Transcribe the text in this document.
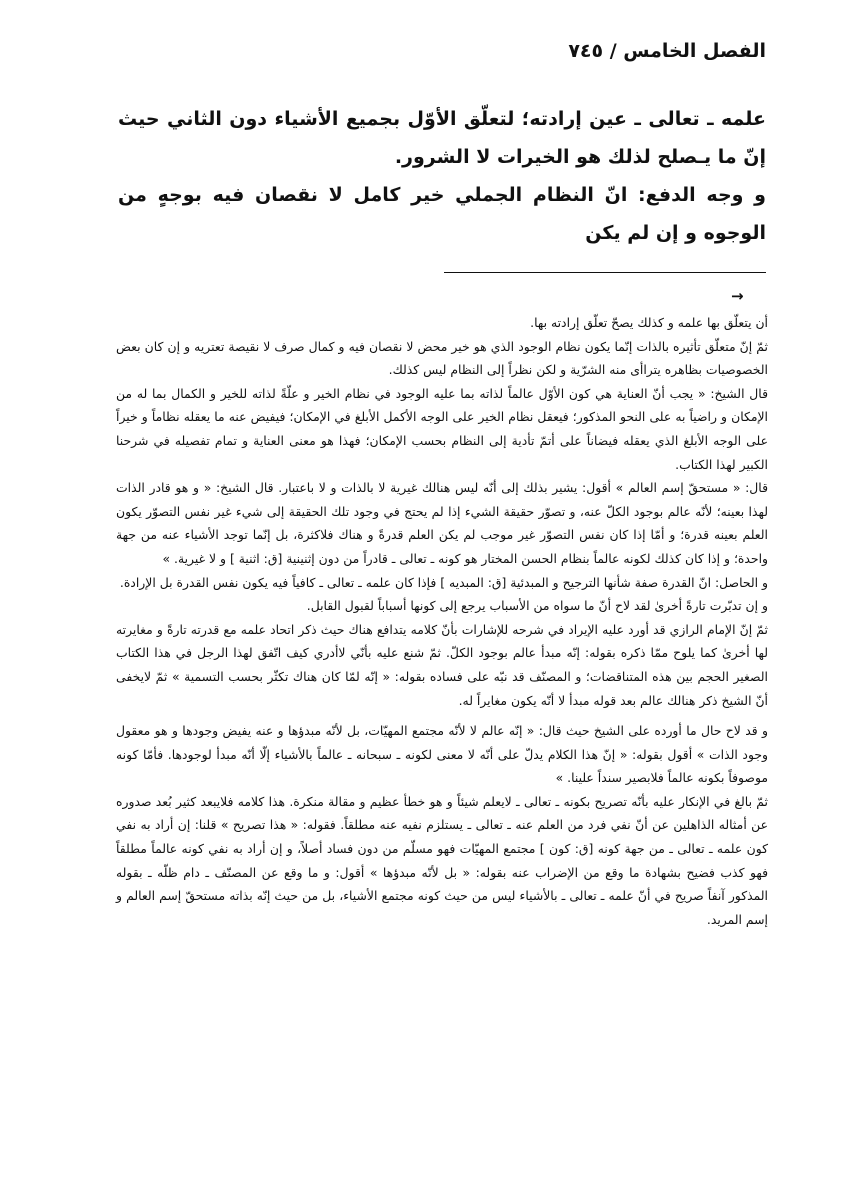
الفصل الخامس / ٧٤٥

علمه ـ تعالى ـ عين إرادته؛ لتعلّق الأوّل بجميع الأشياء دون الثاني حيث إنّ ما يـصلح لذلك هو الخيرات لا الشرور.

و وجه الدفع: انّ النظام الجملي خير كامل لا نقصان فيه بوجهٍ من الوجوه و إن لم يكن

→

أن يتعلّق بها علمه و كذلك يصحّ تعلّق إرادته بها.

ثمّ إنّ متعلّق تأثيره بالذات إنّما يكون نظام الوجود الذي هو خير محض لا نقصان فيه و كمال صرف لا نقيصة تعتريه و إن كان بعض الخصوصيات بظاهره يتراأى منه الشرّية و لكن نظراً إلى النظام ليس كذلك.

قال الشيخ: « يجب أنّ العناية هي كون الأوّل عالماً لذاته بما عليه الوجود في نظام الخير و علّةً لذاته للخير و الكمال بما له من الإمكان و راضياً به على النحو المذكور؛ فيعقل نظام الخير على الوجه الأكمل الأبلغ في الإمكان؛ فيفيض عنه ما يعقله نظاماً و خيراً على الوجه الأبلغ الذي يعقله فيضاناً على أتمّ تأدية إلى النظام بحسب الإمكان؛ فهذا هو معنى العناية و تمام تفصيله في شرحنا الكبير لهذا الكتاب.

قال: « مستحقّ إسم العالم » أقول: يشير بذلك إلى أنّه ليس هنالك غيرية لا بالذات و لا باعتبار. قال الشيخ: « و هو قادر الذات لهذا بعينه؛ لأنّه عالم بوجود الكلّ عنه، و تصوّر حقيقة الشيء إذا لم يحتج في وجود تلك الحقيقة إلى شيء غير نفس التصوّر يكون العلم بعينه قدرة؛ و أمّا إذا كان نفس التصوّر غير موجب لم يكن العلم قدرةً و هناك فلاكثرة، بل إنّما توجد الأشياء عنه من جهة واحدة؛ و إذا كان كذلك لكونه عالماً بنظام الحسن المختار هو كونه ـ تعالى ـ قادراً من دون إثنينية [ق: اثنية ] و لا غيرية. »

و الحاصل: انّ القدرة صفة شأنها الترجيح و المبدئية [ق: المبديه ] فإذا كان علمه ـ تعالى ـ كافياً فيه يكون نفس القدرة بل الإرادة.

و إن تدبّرت تارةً أخرىٰ لقد لاح أنّ ما سواه من الأسباب يرجع إلى كونها أسباباً لقبول القابل.

ثمّ إنّ الإمام الرازي قد أورد عليه الإيراد في شرحه للإشارات بأنّ كلامه يتدافع هناك حيث ذكر اتحاد علمه مع قدرته تارةً و مغايرته لها أخرىٰ كما يلوح ممّا ذكره بقوله: إنّه مبدأ عالم بوجود الكلّ. ثمّ شنع عليه بأنّي لاأدري كيف اتّفق لهذا الرجل في هذا الكتاب الصغير الحجم بين هذه المتناقضات؛ و المصنّف قد نبّه على فساده بقوله: « إنّه لمّا كان هناك تكثّر بحسب التسمية » ثمّ لايخفى أنّ الشيخ ذكر هنالك عالم بعد قوله مبدأ لا أنّه يكون مغايراً له.

و قد لاح حال ما أورده على الشيخ حيث قال: « إنّه عالم لا لأنّه مجتمع المهيّات، بل لأنّه مبدؤها و عنه يفيض وجودها و هو معقول وجود الذات » أقول بقوله: « إنّ هذا الكلام يدلّ على أنّه لا معنى لكونه ـ سبحانه ـ عالماً بالأشياء إلّا أنّه مبدأ لوجودها. فأمّا كونه موصوفاً بكونه عالماً فلابصير سنداً علينا. »

ثمّ بالغ في الإنكار عليه بأنّه تصريح بكونه ـ تعالى ـ لايعلم شيئاً و هو خطأ عظيم و مقالة منكرة. هذا كلامه فلايبعد كثير بُعد صدوره عن أمثاله الذاهلين عن أنّ نفي فرد من العلم عنه ـ تعالى ـ يستلزم نفيه عنه مطلقاً. فقوله: « هذا تصريح » قلنا: إن أراد به نفي كون علمه ـ تعالى ـ من جهة كونه [ق: كون ] مجتمع المهيّات فهو مسلّم من دون فساد أصلاً، و إن أراد به نفي كونه عالماً مطلقاً فهو كذب فضيح بشهادة ما وقع من الإضراب عنه بقوله: « بل لأنّه مبدؤها » أقول: و ما وقع عن المصنّف ـ دام ظلّه ـ بقوله المذكور آنفاً صريح في أنّ علمه ـ تعالى ـ بالأشياء ليس من حيث كونه مجتمع الأشياء، بل من حيث إنّه بذاته مستحقّ إسم العالم و إسم المريد.
